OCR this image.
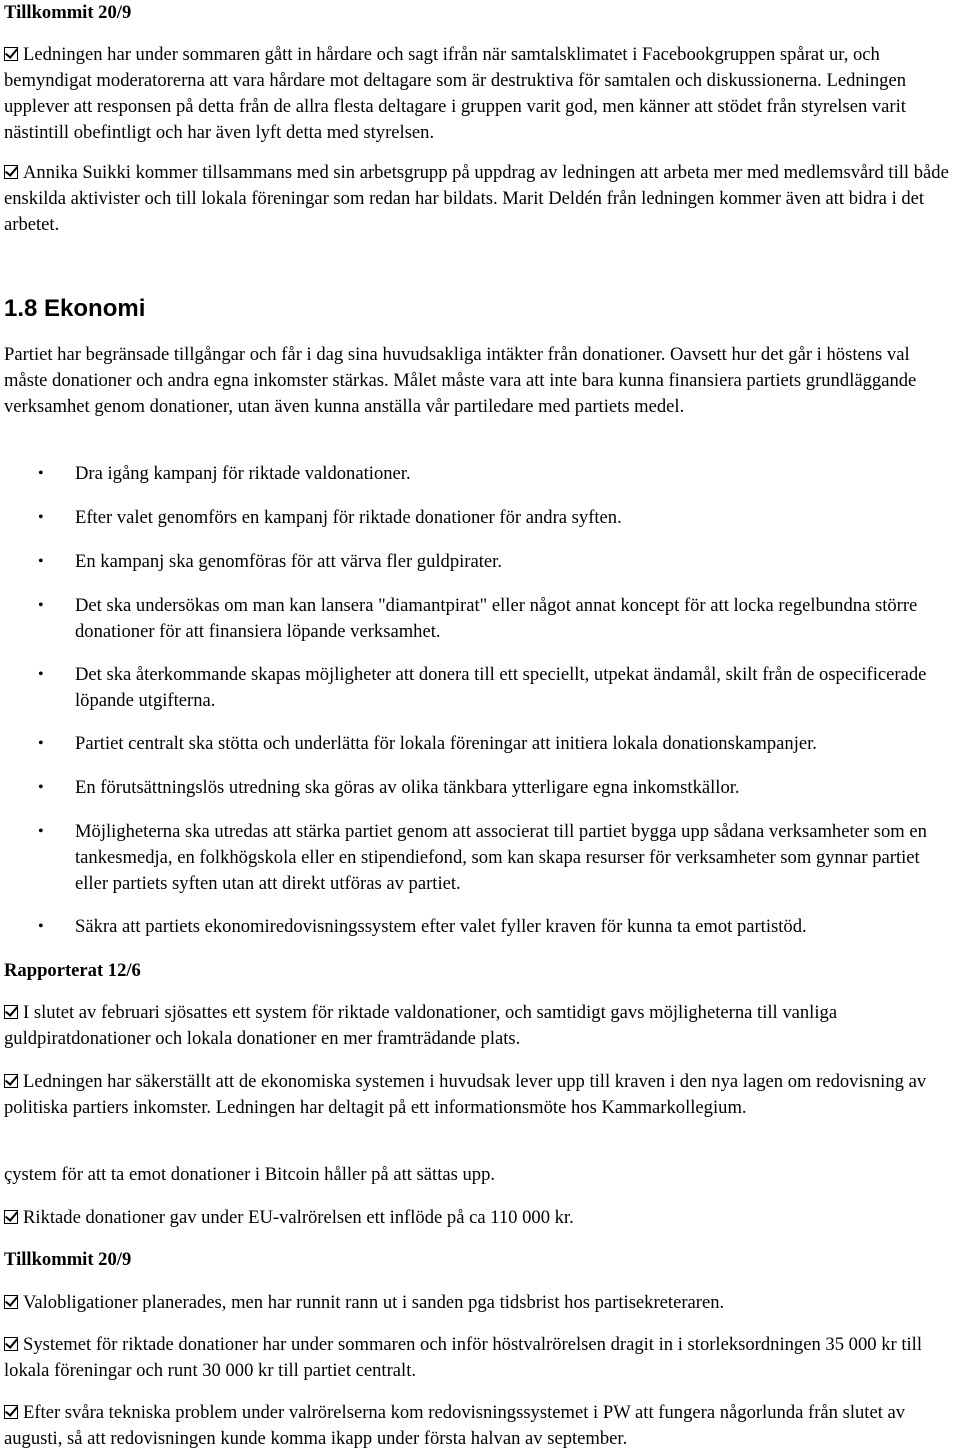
Tillkommit 20/9

Ledningen har under sommaren gått in hårdare och sagt ifrån när samtalsklimatet i Facebookgruppen spårat ur, och bemyndigat moderatorerna att vara hårdare mot deltagare som är destruktiva för samtalen och diskussionerna. Ledningen upplever att responsen på detta från de allra flesta deltagare i gruppen varit god, men känner att stödet från styrelsen varit nästintill obefintligt och har även lyft detta med styrelsen.

Annika Suikki kommer tillsammans med sin arbetsgrupp på uppdrag av ledningen att arbeta mer med medlemsvård till både enskilda aktivister och till lokala föreningar som redan har bildats. Marit Deldén från ledningen kommer även att bidra i det arbetet.

1.8 Ekonomi

Partiet har begränsade tillgångar och får i dag sina huvudsakliga intäkter från donationer. Oavsett hur det går i höstens val måste donationer och andra egna inkomster stärkas. Målet måste vara att inte bara kunna finansiera partiets grundläggande verksamhet genom donationer, utan även kunna anställa vår partiledare med partiets medel.

• Dra igång kampanj för riktade valdonationer.
• Efter valet genomförs en kampanj för riktade donationer för andra syften.
• En kampanj ska genomföras för att värva fler guldpirater.
• Det ska undersökas om man kan lansera "diamantpirat" eller något annat koncept för att locka regelbundna större donationer för att finansiera löpande verksamhet.
• Det ska återkommande skapas möjligheter att donera till ett speciellt, utpekat ändamål, skilt från de ospecificerade löpande utgifterna.
• Partiet centralt ska stötta och underlätta för lokala föreningar att initiera lokala donationskampanjer.
• En förutsättningslös utredning ska göras av olika tänkbara ytterligare egna inkomstkällor.
• Möjligheterna ska utredas att stärka partiet genom att associerat till partiet bygga upp sådana verksamheter som en tankesmedja, en folkhögskola eller en stipendiefond, som kan skapa resurser för verksamheter som gynnar partiet eller partiets syften utan att direkt utföras av partiet.
• Säkra att partiets ekonomiredovisningssystem efter valet fyller kraven för kunna ta emot partistöd.

Rapporterat 12/6

I slutet av februari sjösattes ett system för riktade valdonationer, och samtidigt gavs möjligheterna till vanliga guldpiratdonationer och lokala donationer en mer framträdande plats.

Ledningen har säkerställt att de ekonomiska systemen i huvudsak lever upp till kraven i den nya lagen om redovisning av politiska partiers inkomster. Ledningen har deltagit på ett informationsmöte hos Kammarkollegium.

çystem för att ta emot donationer i Bitcoin håller på att sättas upp.

Riktade donationer gav under EU-valrörelsen ett inflöde på ca 110 000 kr.

Tillkommit 20/9

Valobligationer planerades, men har runnit rann ut i sanden pga tidsbrist hos partisekreteraren.

Systemet för riktade donationer har under sommaren och inför höstvalrörelsen dragit in i storleksordningen 35 000 kr till lokala föreningar och runt 30 000 kr till partiet centralt.

Efter svåra tekniska problem under valrörelserna kom redovisningssystemet i PW att fungera någorlunda från slutet av augusti, så att redovisningen kunde komma ikapp under första halvan av september.
